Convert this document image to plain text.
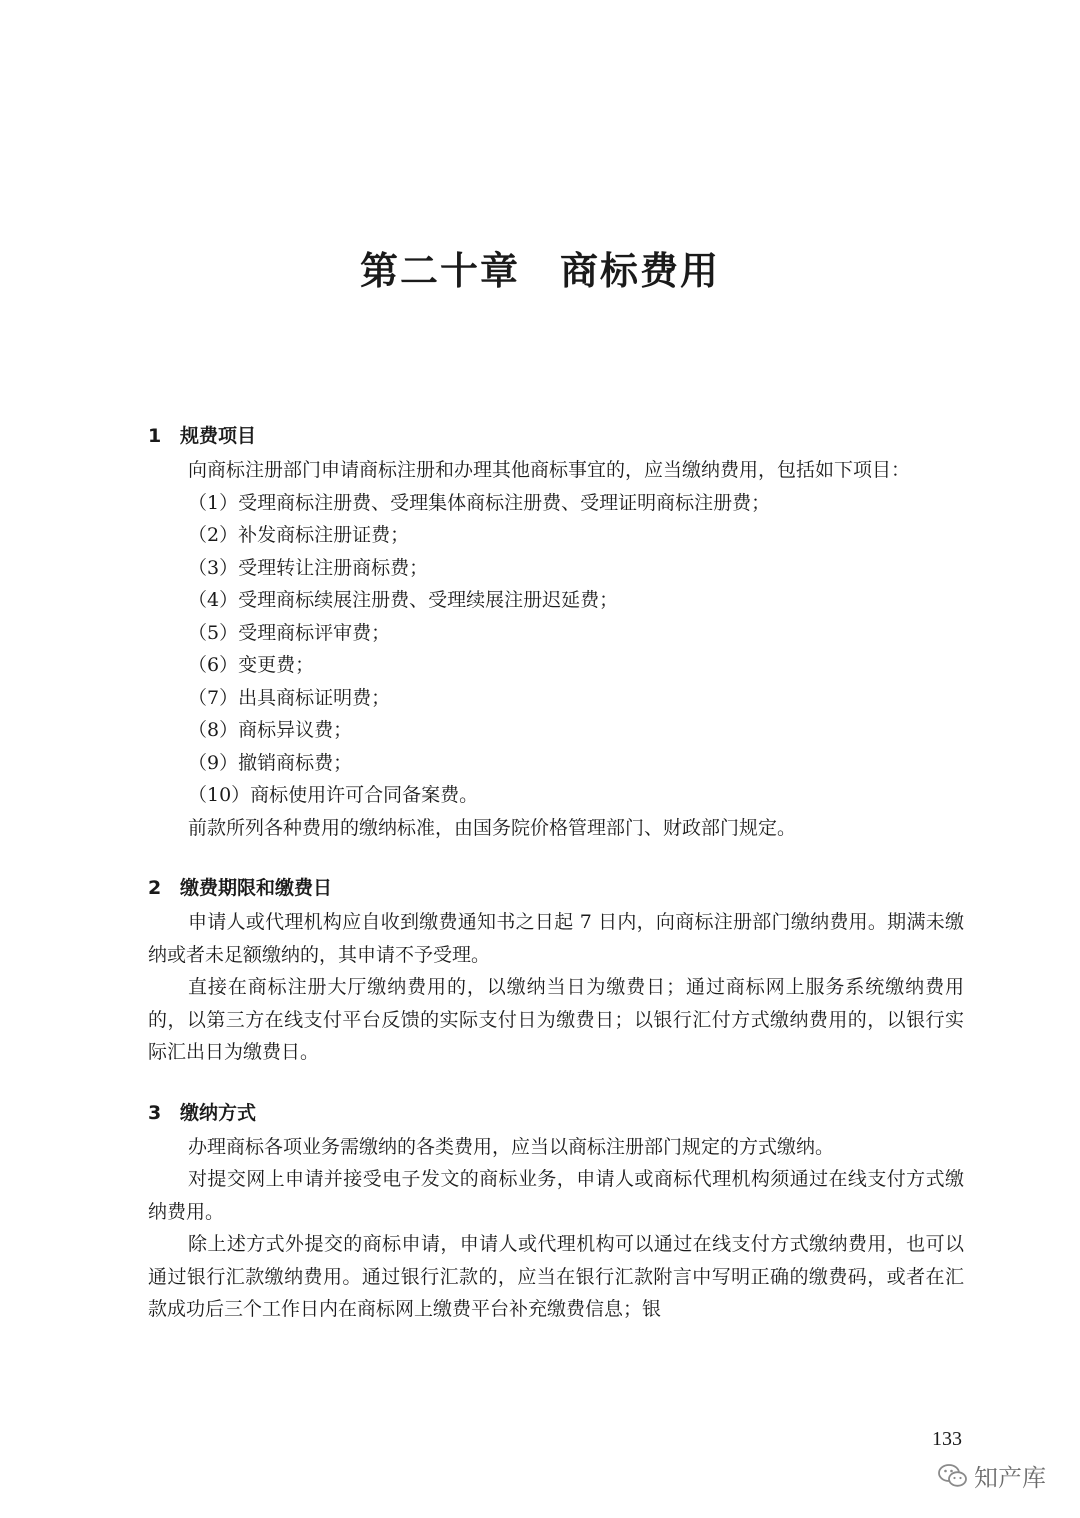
第二十章 商标费用

1 规费项目

向商标注册部门申请商标注册和办理其他商标事宜的，应当缴纳费用，包括如下项目：

（1）受理商标注册费、受理集体商标注册费、受理证明商标注册费；

（2）补发商标注册证费；

（3）受理转让注册商标费；

（4）受理商标续展注册费、受理续展注册迟延费；

（5）受理商标评审费；

（6）变更费；

（7）出具商标证明费；

（8）商标异议费；

（9）撤销商标费；

（10）商标使用许可合同备案费。

前款所列各种费用的缴纳标准，由国务院价格管理部门、财政部门规定。

2 缴费期限和缴费日

申请人或代理机构应自收到缴费通知书之日起 7 日内，向商标注册部门缴纳费用。期满未缴纳或者未足额缴纳的，其申请不予受理。

直接在商标注册大厅缴纳费用的，以缴纳当日为缴费日；通过商标网上服务系统缴纳费用的，以第三方在线支付平台反馈的实际支付日为缴费日；以银行汇付方式缴纳费用的，以银行实际汇出日为缴费日。

3 缴纳方式

办理商标各项业务需缴纳的各类费用，应当以商标注册部门规定的方式缴纳。

对提交网上申请并接受电子发文的商标业务，申请人或商标代理机构须通过在线支付方式缴纳费用。

除上述方式外提交的商标申请，申请人或代理机构可以通过在线支付方式缴纳费用，也可以通过银行汇款缴纳费用。通过银行汇款的，应当在银行汇款附言中写明正确的缴费码，或者在汇款成功后三个工作日内在商标网上缴费平台补充缴费信息；银

133
知产库
